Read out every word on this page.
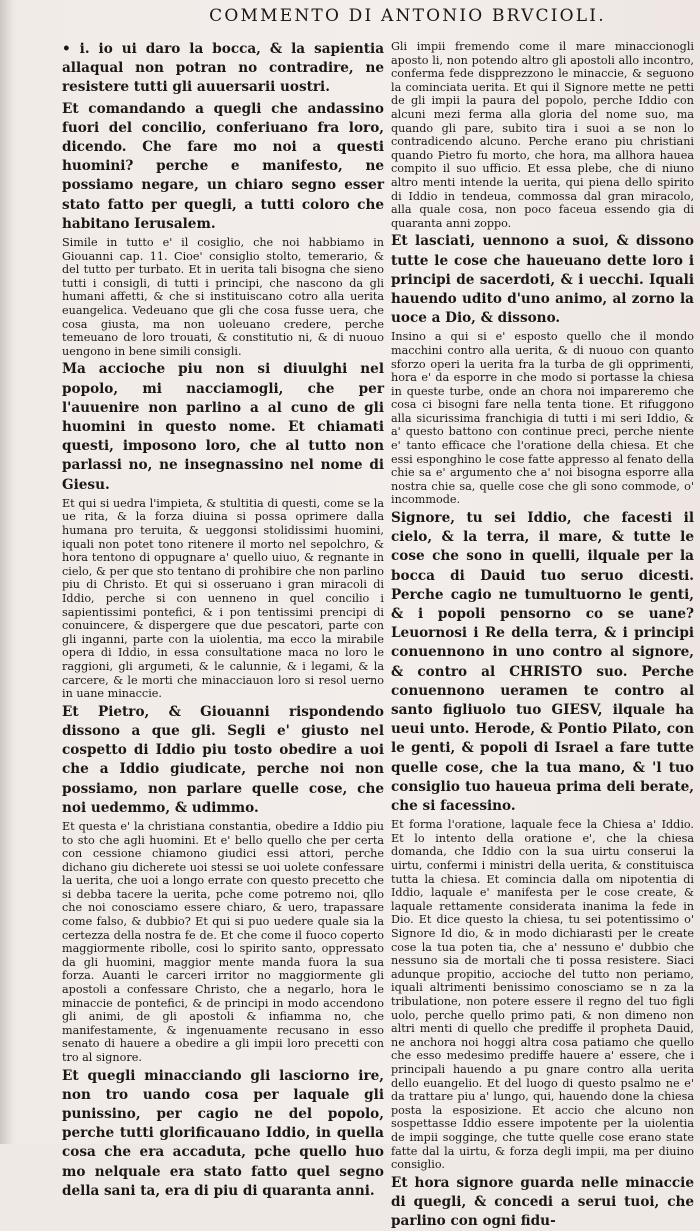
COMMENTO DI ANTONIO BRVCIOLI.

• i. io ui daro la bocca, & la sapientia allaqual non potran no contradire, ne resistere tutti gli auuersarii uostri.

Et comandando a quegli che andassino fuori del concilio, conferiuano fra loro, dicendo. Che fare mo noi a questi huomini? perche e manifesto, ne possiamo negare, un chiaro segno esser stato fatto per quegli, a tutti coloro che habitano Ierusalem.

Simile in tutto e' il cosiglio, che noi habbiamo in Giouanni cap. 11. Cioe' consiglio stolto, temerario, & del tutto per turbato. Et in uerita tali bisogna che sieno tutti i consigli, di tutti i principi, che nascono da gli humani affetti, & che si instituiscano cotro alla uerita euangelica. Vedeuano que gli che cosa fusse uera, che cosa giusta, ma non uoleuano credere, perche temeuano de loro trouati, & constitutio ni, & di nuouo uengono in bene simili consigli.

Ma accioche piu non si diuulghi nel popolo, mi nacciamogli, che per l'auuenire non parlino a al cuno de gli huomini in questo nome. Et chiamati questi, imposono loro, che al tutto non parlassi no, ne insegnassino nel nome di Giesu.

Et qui si uedra l'impieta, & stultitia di questi, come se la ue rita, & la forza diuina si possa oprimere dalla humana pro teruita, & ueggonsi stolidissimi huomini, iquali non potet tono ritenere il morto nel sepolchro, & hora tentono di oppugnare a' quello uiuo, & regnante in cielo, & per que sto tentano di prohibire che non parlino piu di Christo. Et qui si osseruano i gran miracoli di Iddio, perche si con uenneno in quel concilio i sapientissimi pontefici, & i pon tentissimi prencipi di conuincere, & dispergere que due pescatori, parte con gli inganni, parte con la uiolentia, ma ecco la mirabile opera di Iddio, in essa consultatione maca no loro le raggioni, gli argumeti, & le calunnie, & i legami, & la carcere, & le morti che minacciauon loro si resol uerno in uane minaccie.

Et Pietro, & Giouanni rispondendo dissono a que gli. Segli e' giusto nel cospetto di Iddio piu tosto obedire a uoi che a Iddio giudicate, perche noi non possiamo, non parlare quelle cose, che noi uedemmo, & udimmo.

Et questa e' la christiana constantia, obedire a Iddio piu to sto che agli huomini. Et e' bello quello che per certa con cessione chiamono giudici essi attori, perche dichano giu dicherete uoi stessi se uoi uolete confessare la uerita, che uoi a longo errate con questo precetto che si debba tacere la uerita, pche come potremo noi, qllo che noi conosciamo essere chiaro, & uero, trapassare come falso, & dubbio? Et qui si puo uedere quale sia la certezza della nostra fe de. Et che come il fuoco coperto maggiormente ribolle, cosi lo spirito santo, oppressato da gli huomini, maggior mente manda fuora la sua forza. Auanti le carceri irritor no maggiormente gli apostoli a confessare Christo, che a negarlo, hora le minaccie de pontefici, & de principi in modo accendono gli animi, de gli apostoli & infiamma no, che manifestamente, & ingenuamente recusano in esso senato di hauere a obedire a gli impii loro precetti con tro al signore.

Et quegli minacciando gli lasciorno ire, non tro uando cosa per laquale gli punissino, per cagio ne del popolo, perche tutti glorificauano Iddio, in quella cosa che era accaduta, pche quello huo mo nelquale era stato fatto quel segno della sani ta, era di piu di quaranta anni.

Gli impii fremendo come il mare minaccionogli aposto li, non potendo altro gli apostoli allo incontro, conferma fede dispprezzono le minaccie, & seguono la cominciata uerita. Et qui il Signore mette ne petti de gli impii la paura del popolo, perche Iddio con alcuni mezi ferma alla gloria del nome suo, ma quando gli pare, subito tira i suoi a se non lo contradicendo alcuno. Perche erano piu christiani quando Pietro fu morto, che hora, ma allhora hauea compito il suo ufficio. Et essa plebe, che di niuno altro menti intende la uerita, qui piena dello spirito di Iddio in tendeua, commossa dal gran miracolo, alla quale cosa, non poco faceua essendo gia di quaranta anni zoppo.

Et lasciati, uennono a suoi, & dissono tutte le cose che haueuano dette loro i principi de sacerdoti, & i uecchi. Iquali hauendo udito d'uno animo, al zorno la uoce a Dio, & dissono.

Insino a qui si e' esposto quello che il mondo macchini contro alla uerita, & di nuouo con quanto sforzo operi la uerita fra la turba de gli opprimenti, hora e' da esporre in che modo si portasse la chiesa in queste turbe, onde an chora noi impareremo che cosa ci bisogni fare nella tenta tione. Et rifuggono alla sicurissima franchigia di tutti i mi seri Iddio, & a' questo battono con continue preci, perche niente e' tanto efficace che l'oratione della chiesa. Et che essi esponghino le cose fatte appresso al fenato della chie sa e' argumento che a' noi bisogna esporre alla nostra chie sa, quelle cose che gli sono commode, o' incommode.

Signore, tu sei Iddio, che facesti il cielo, & la terra, il mare, & tutte le cose che sono in quelli, ilquale per la bocca di Dauid tuo seruo dicesti. Perche cagio ne tumultuorno le genti, & i popoli pensorno co se uane? Leuornosi i Re della terra, & i principi conuennono in uno contro al signore, & contro al CHRISTO suo. Perche conuennono ueramen te contro al santo figliuolo tuo GIESV, ilquale ha ueui unto. Herode, & Pontio Pilato, con le genti, & popoli di Israel a fare tutte quelle cose, che la tua mano, & 'l tuo consiglio tuo haueua prima deli berate, che si facessino.

Et forma l'oratione, laquale fece la Chiesa a' Iddio. Et lo intento della oratione e', che la chiesa domanda, che Iddio con la sua uirtu conserui la uirtu, confermi i ministri della uerita, & constituisca tutta la chiesa. Et comincia dalla om nipotentia di Iddio, laquale e' manifesta per le cose create, & laquale rettamente considerata inanima la fede in Dio. Et dice questo la chiesa, tu sei potentissimo o' Signore Id dio, & in modo dichiarasti per le create cose la tua poten tia, che a' nessuno e' dubbio che nessuno sia de mortali che ti possa resistere. Siaci adunque propitio, accioche del tutto non periamo, iquali altrimenti benissimo conosciamo se n za la tribulatione, non potere essere il regno del tuo figli uolo, perche quello primo pati, & non dimeno non altri menti di quello che prediffe il propheta Dauid, ne anchora noi hoggi altra cosa patiamo che quello che esso medesimo prediffe hauere a' essere, che i principali hauendo a pu gnare contro alla uerita dello euangelio. Et del luogo di questo psalmo ne e' da trattare piu a' lungo, qui, hauendo done la chiesa posta la esposizione. Et accio che alcuno non sospettasse Iddio essere impotente per la uiolentia de impii sogginge, che tutte quelle cose erano state fatte dal la uirtu, & forza degli impii, ma per diuino consiglio.

Et hora signore guarda nelle minaccie di quegli, & concedi a serui tuoi, che parlino con ogni fidu-
